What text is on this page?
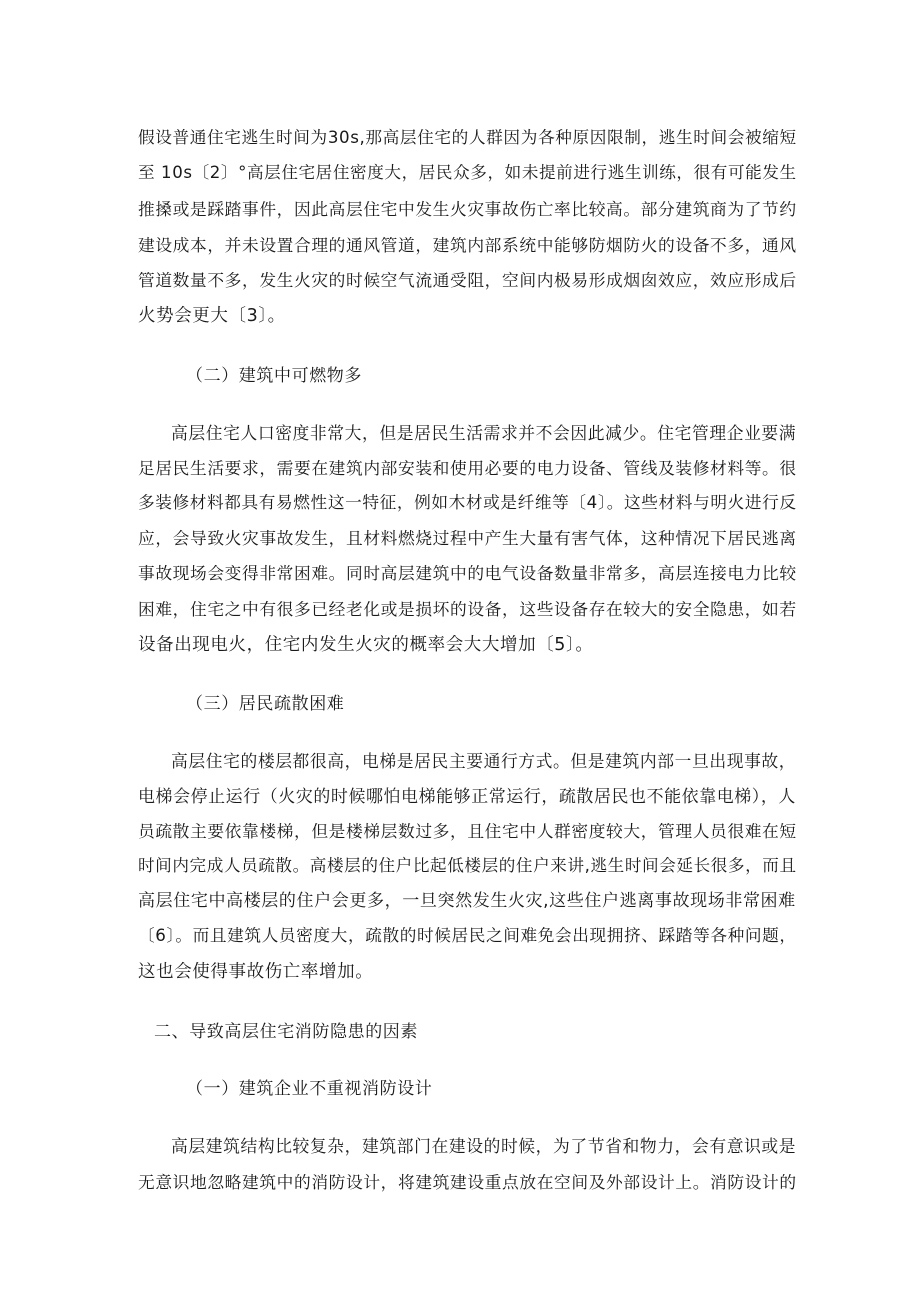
假设普通住宅逃生时间为30s,那高层住宅的人群因为各种原因限制，逃生时间会被缩短
至 10s〔2〕°高层住宅居住密度大，居民众多，如未提前进行逃生训练，很有可能发生
推搡或是踩踏事件，因此高层住宅中发生火灾事故伤亡率比较高。部分建筑商为了节约
建设成本，并未设置合理的通风管道，建筑内部系统中能够防烟防火的设备不多，通风
管道数量不多，发生火灾的时候空气流通受阻，空间内极易形成烟囱效应，效应形成后
火势会更大〔3〕。
（二）建筑中可燃物多
高层住宅人口密度非常大，但是居民生活需求并不会因此减少。住宅管理企业要满
足居民生活要求，需要在建筑内部安装和使用必要的电力设备、管线及装修材料等。很
多装修材料都具有易燃性这一特征，例如木材或是纤维等〔4〕。这些材料与明火进行反
应，会导致火灾事故发生，且材料燃烧过程中产生大量有害气体，这种情况下居民逃离
事故现场会变得非常困难。同时高层建筑中的电气设备数量非常多，高层连接电力比较
困难，住宅之中有很多已经老化或是损坏的设备，这些设备存在较大的安全隐患，如若
设备出现电火，住宅内发生火灾的概率会大大增加〔5〕。
（三）居民疏散困难
高层住宅的楼层都很高，电梯是居民主要通行方式。但是建筑内部一旦出现事故，
电梯会停止运行（火灾的时候哪怕电梯能够正常运行，疏散居民也不能依靠电梯），人
员疏散主要依靠楼梯，但是楼梯层数过多，且住宅中人群密度较大，管理人员很难在短
时间内完成人员疏散。高楼层的住户比起低楼层的住户来讲,逃生时间会延长很多，而且
高层住宅中高楼层的住户会更多，一旦突然发生火灾,这些住户逃离事故现场非常困难
〔6〕。而且建筑人员密度大，疏散的时候居民之间难免会出现拥挤、踩踏等各种问题，
这也会使得事故伤亡率增加。
二、导致高层住宅消防隐患的因素
（一）建筑企业不重视消防设计
高层建筑结构比较复杂，建筑部门在建设的时候，为了节省和物力，会有意识或是
无意识地忽略建筑中的消防设计，将建筑建设重点放在空间及外部设计上。消防设计的
